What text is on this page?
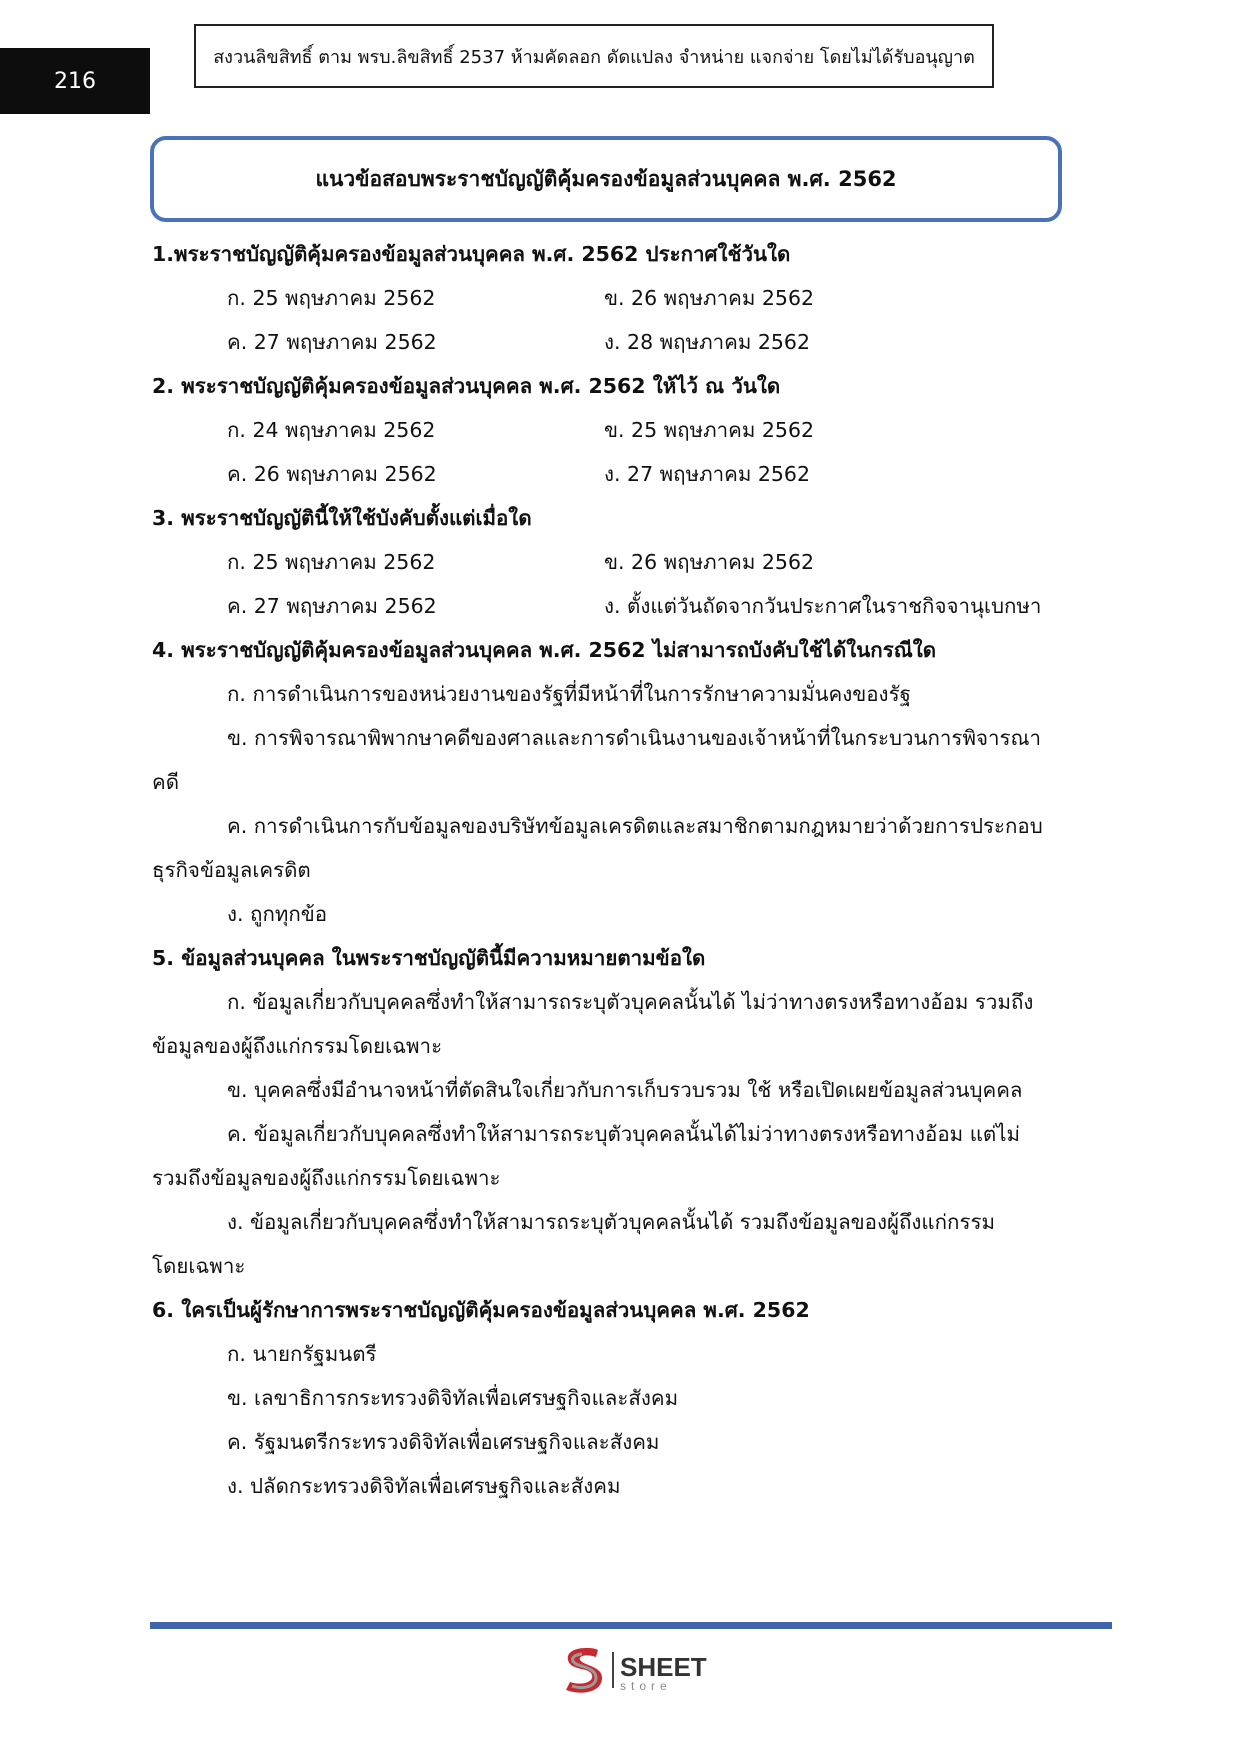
216
สงวนลิขสิทธิ์ ตาม พรบ.ลิขสิทธิ์ 2537 ห้ามคัดลอก ดัดแปลง จำหน่าย แจกจ่าย โดยไม่ได้รับอนุญาต
แนวข้อสอบพระราชบัญญัติคุ้มครองข้อมูลส่วนบุคคล พ.ศ. 2562
1.พระราชบัญญัติคุ้มครองข้อมูลส่วนบุคคล พ.ศ. 2562 ประกาศใช้วันใด
ก. 25 พฤษภาคม 2562	ข. 26 พฤษภาคม 2562
ค. 27 พฤษภาคม 2562	ง. 28 พฤษภาคม 2562
2. พระราชบัญญัติคุ้มครองข้อมูลส่วนบุคคล พ.ศ. 2562 ให้ไว้ ณ วันใด
ก. 24 พฤษภาคม 2562	ข. 25 พฤษภาคม 2562
ค. 26 พฤษภาคม 2562	ง. 27 พฤษภาคม 2562
3. พระราชบัญญัตินี้ให้ใช้บังคับตั้งแต่เมื่อใด
ก. 25 พฤษภาคม 2562	ข. 26 พฤษภาคม 2562
ค. 27 พฤษภาคม 2562	ง. ตั้งแต่วันถัดจากวันประกาศในราชกิจจานุเบกษา
4. พระราชบัญญัติคุ้มครองข้อมูลส่วนบุคคล พ.ศ. 2562 ไม่สามารถบังคับใช้ได้ในกรณีใด
ก. การดำเนินการของหน่วยงานของรัฐที่มีหน้าที่ในการรักษาความมั่นคงของรัฐ
ข. การพิจารณาพิพากษาคดีของศาลและการดำเนินงานของเจ้าหน้าที่ในกระบวนการพิจารณา
คดี
ค. การดำเนินการกับข้อมูลของบริษัทข้อมูลเครดิตและสมาชิกตามกฎหมายว่าด้วยการประกอบ
ธุรกิจข้อมูลเครดิต
ง. ถูกทุกข้อ
5. ข้อมูลส่วนบุคคล ในพระราชบัญญัตินี้มีความหมายตามข้อใด
ก. ข้อมูลเกี่ยวกับบุคคลซึ่งทำให้สามารถระบุตัวบุคคลนั้นได้ ไม่ว่าทางตรงหรือทางอ้อม รวมถึง
ข้อมูลของผู้ถึงแก่กรรมโดยเฉพาะ
ข. บุคคลซึ่งมีอำนาจหน้าที่ตัดสินใจเกี่ยวกับการเก็บรวบรวม ใช้ หรือเปิดเผยข้อมูลส่วนบุคคล
ค. ข้อมูลเกี่ยวกับบุคคลซึ่งทำให้สามารถระบุตัวบุคคลนั้นได้ไม่ว่าทางตรงหรือทางอ้อม แต่ไม่
รวมถึงข้อมูลของผู้ถึงแก่กรรมโดยเฉพาะ
ง. ข้อมูลเกี่ยวกับบุคคลซึ่งทำให้สามารถระบุตัวบุคคลนั้นได้ รวมถึงข้อมูลของผู้ถึงแก่กรรม
โดยเฉพาะ
6. ใครเป็นผู้รักษาการพระราชบัญญัติคุ้มครองข้อมูลส่วนบุคคล พ.ศ. 2562
ก. นายกรัฐมนตรี
ข. เลขาธิการกระทรวงดิจิทัลเพื่อเศรษฐกิจและสังคม
ค. รัฐมนตรีกระทรวงดิจิทัลเพื่อเศรษฐกิจและสังคม
ง. ปลัดกระทรวงดิจิทัลเพื่อเศรษฐกิจและสังคม
SHEET
store
